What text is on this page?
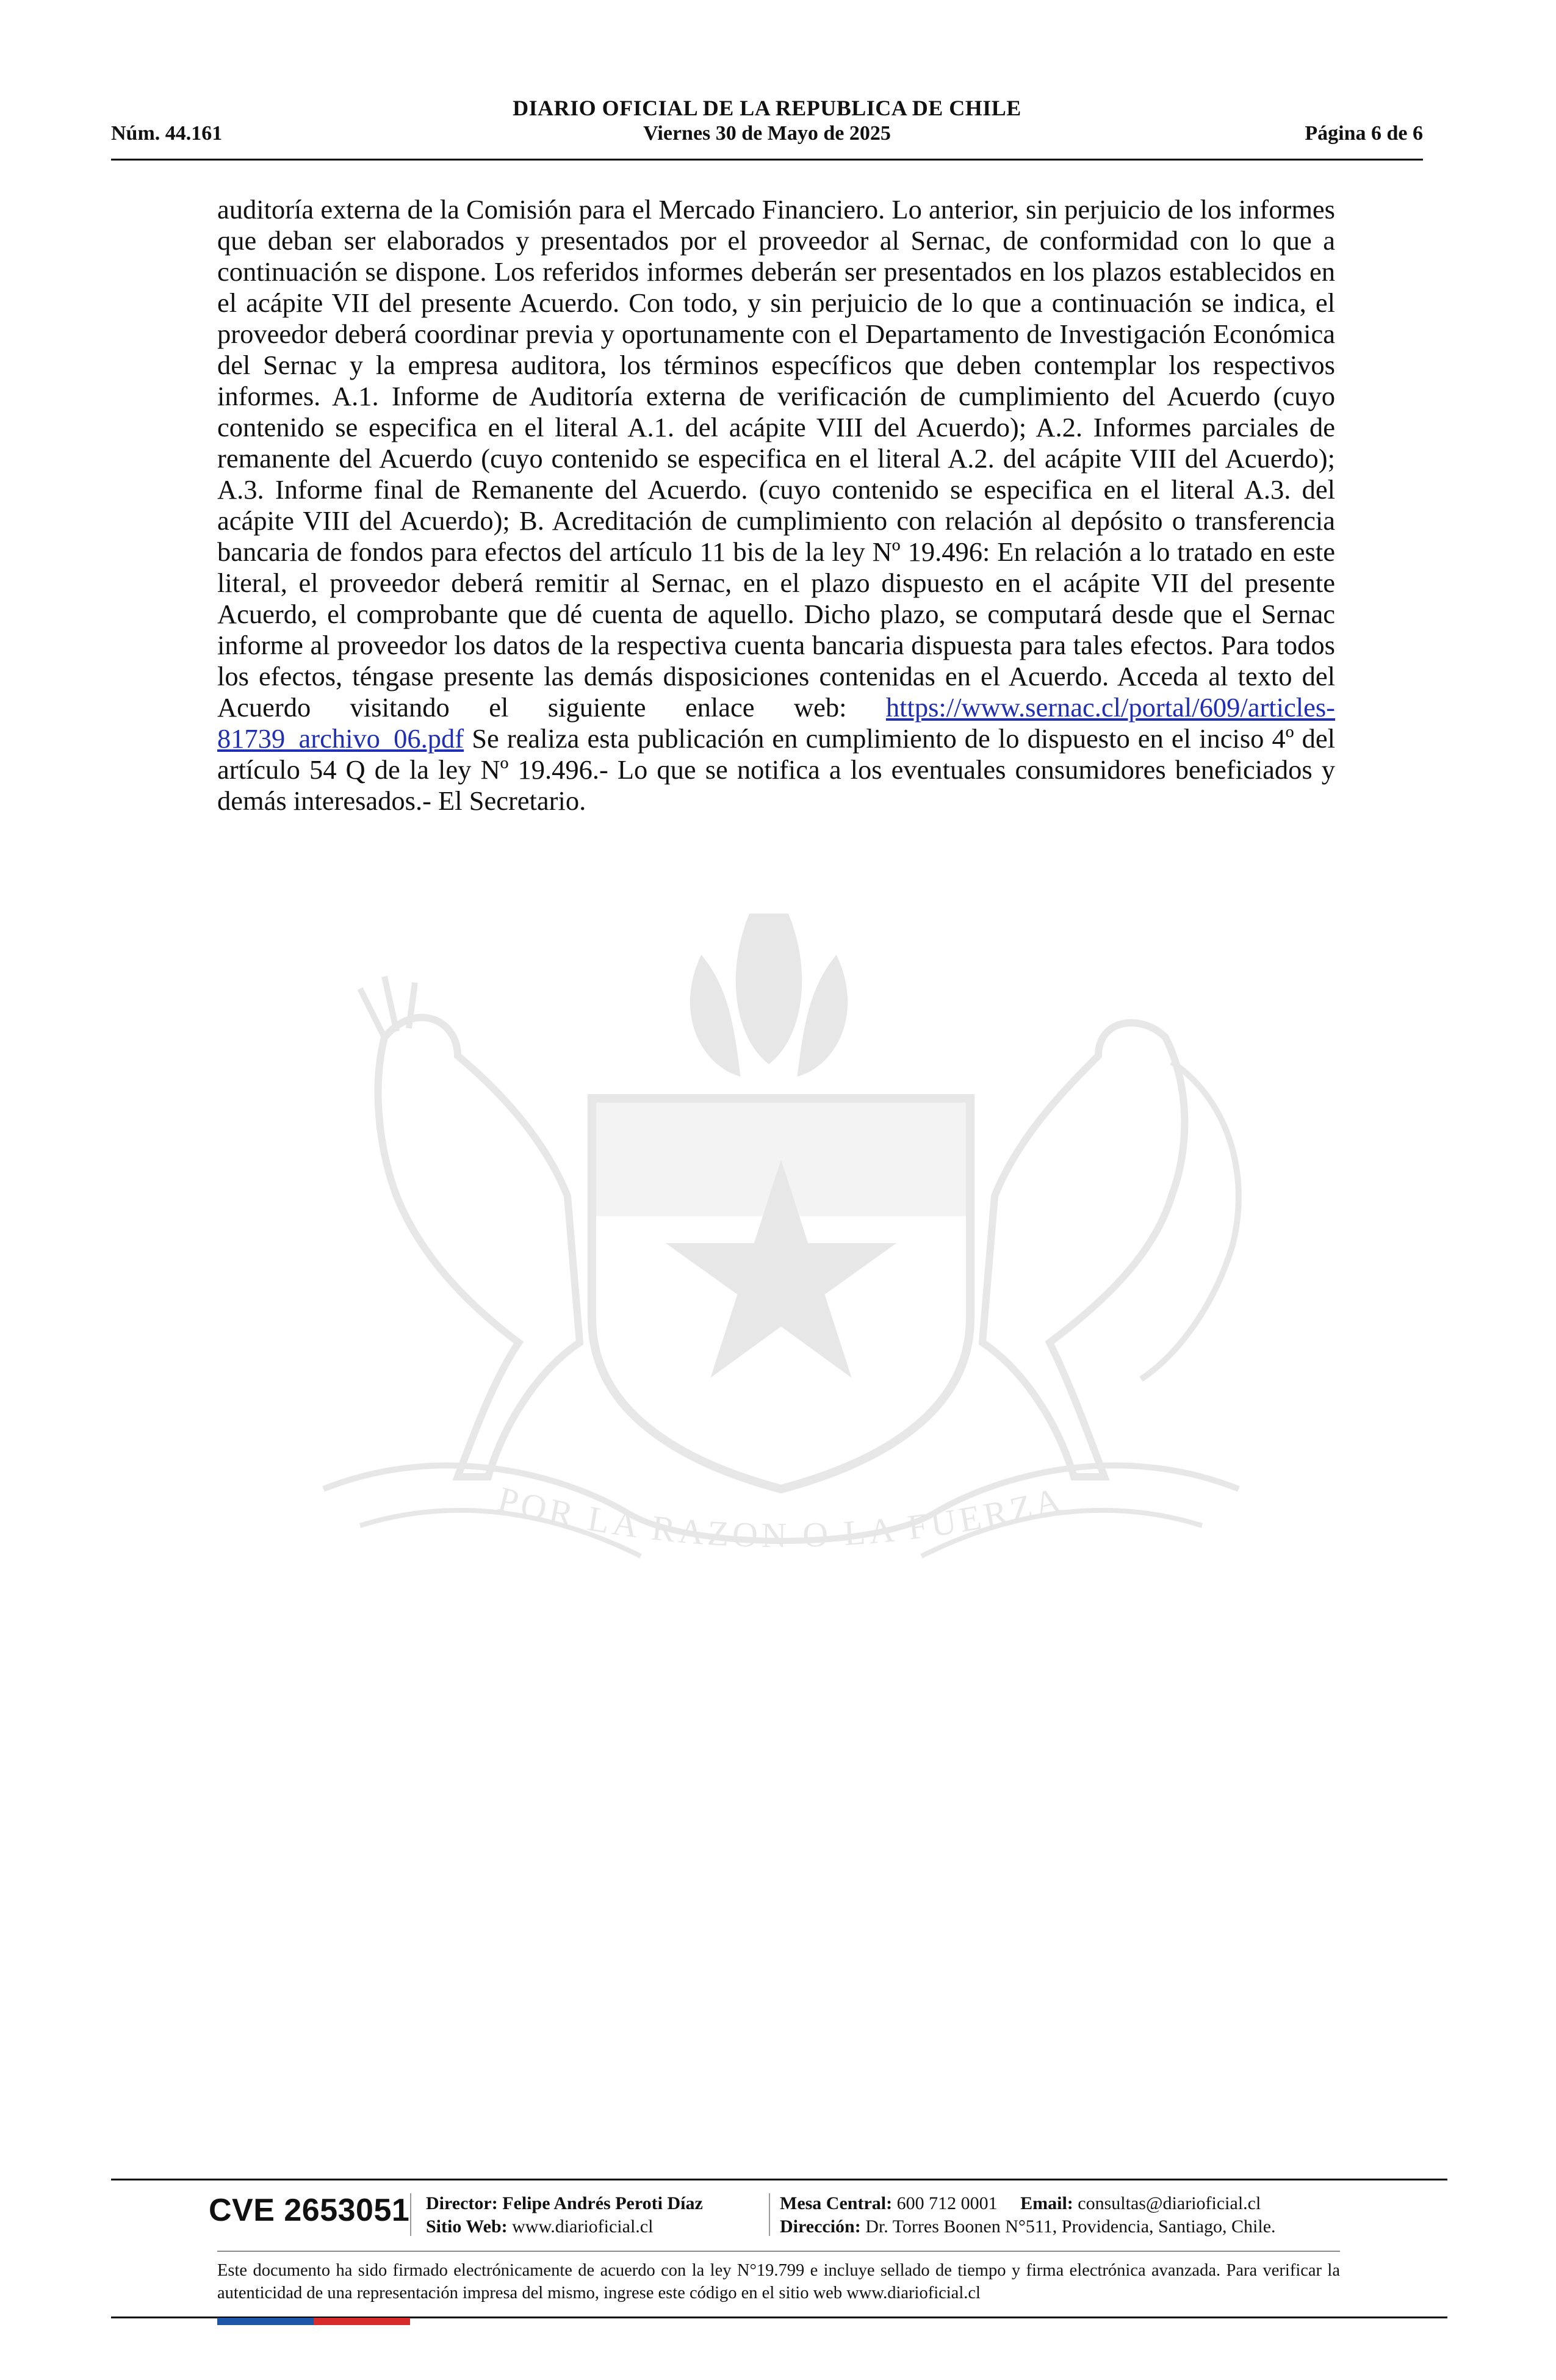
DIARIO OFICIAL DE LA REPUBLICA DE CHILE
Núm. 44.161	Viernes 30 de Mayo de 2025	Página 6 de 6
auditoría externa de la Comisión para el Mercado Financiero. Lo anterior, sin perjuicio de los informes que deban ser elaborados y presentados por el proveedor al Sernac, de conformidad con lo que a continuación se dispone. Los referidos informes deberán ser presentados en los plazos establecidos en el acápite VII del presente Acuerdo. Con todo, y sin perjuicio de lo que a continuación se indica, el proveedor deberá coordinar previa y oportunamente con el Departamento de Investigación Económica del Sernac y la empresa auditora, los términos específicos que deben contemplar los respectivos informes. A.1. Informe de Auditoría externa de verificación de cumplimiento del Acuerdo (cuyo contenido se especifica en el literal A.1. del acápite VIII del Acuerdo); A.2. Informes parciales de remanente del Acuerdo (cuyo contenido se especifica en el literal A.2. del acápite VIII del Acuerdo); A.3. Informe final de Remanente del Acuerdo. (cuyo contenido se especifica en el literal A.3. del acápite VIII del Acuerdo); B. Acreditación de cumplimiento con relación al depósito o transferencia bancaria de fondos para efectos del artículo 11 bis de la ley Nº 19.496: En relación a lo tratado en este literal, el proveedor deberá remitir al Sernac, en el plazo dispuesto en el acápite VII del presente Acuerdo, el comprobante que dé cuenta de aquello. Dicho plazo, se computará desde que el Sernac informe al proveedor los datos de la respectiva cuenta bancaria dispuesta para tales efectos. Para todos los efectos, téngase presente las demás disposiciones contenidas en el Acuerdo. Acceda al texto del Acuerdo visitando el siguiente enlace web: https://www.sernac.cl/portal/609/articles-81739_archivo_06.pdf Se realiza esta publicación en cumplimiento de lo dispuesto en el inciso 4º del artículo 54 Q de la ley Nº 19.496.- Lo que se notifica a los eventuales consumidores beneficiados y demás interesados.- El Secretario.
POR LA RAZON O LA FUERZA
CVE 2653051 Director: Felipe Andrés Peroti Díaz
Sitio Web: www.diarioficial.cl
Mesa Central: 600 712 0001 Email: consultas@diarioficial.cl
Dirección: Dr. Torres Boonen N°511, Providencia, Santiago, Chile.
Este documento ha sido firmado electrónicamente de acuerdo con la ley N°19.799 e incluye sellado de tiempo y firma electrónica avanzada. Para verificar la autenticidad de una representación impresa del mismo, ingrese este código en el sitio web www.diarioficial.cl
